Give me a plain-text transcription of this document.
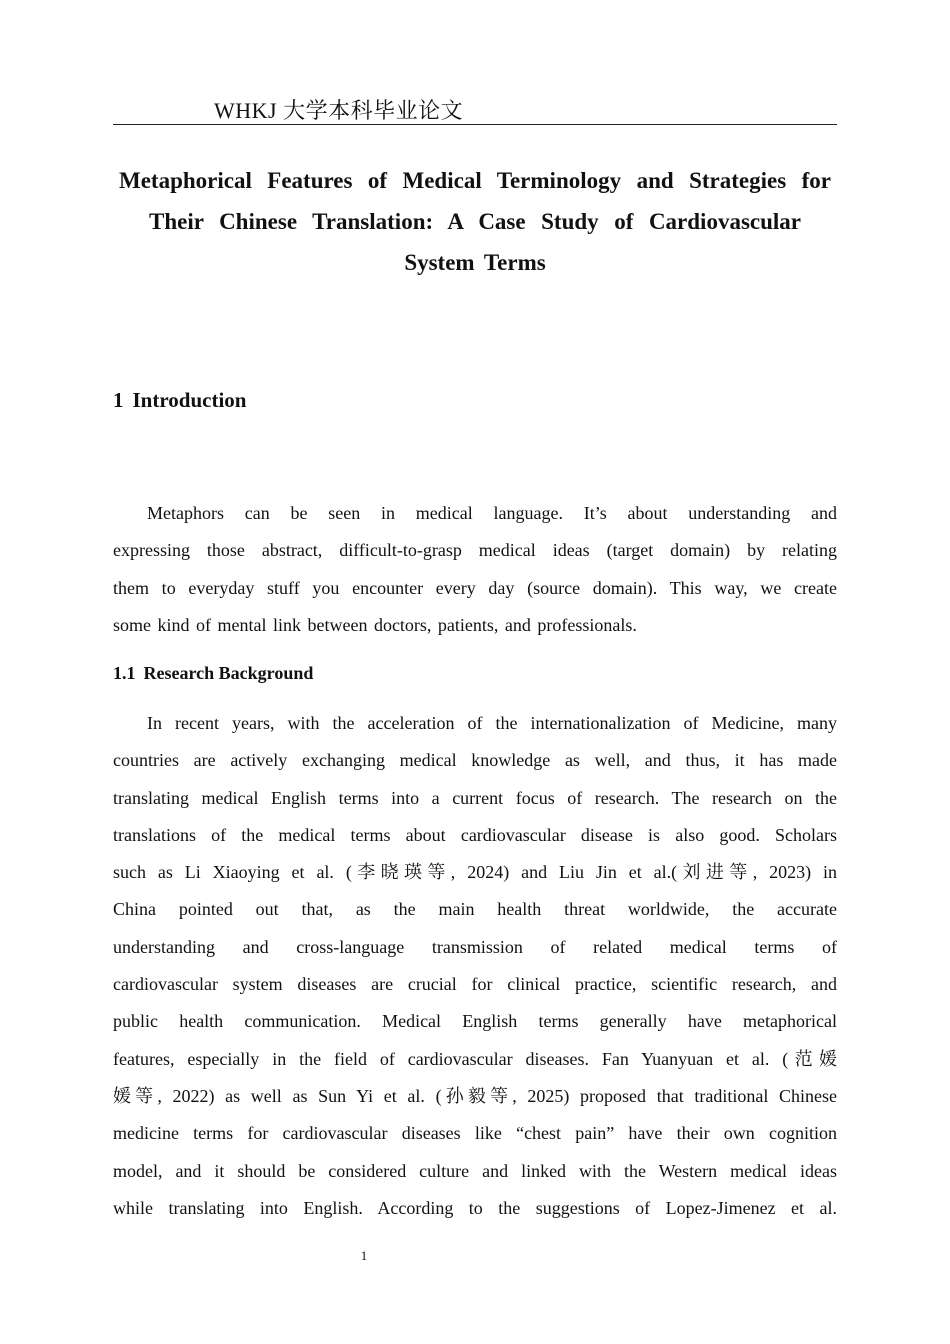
WHKJ 大学本科毕业论文
Metaphorical Features of Medical Terminology and Strategies for
Their Chinese Translation: A Case Study of Cardiovascular
System Terms
1 Introduction
Metaphors can be seen in medical language. It’s about understanding and
expressing those abstract, difficult-to-grasp medical ideas (target domain) by relating
them to everyday stuff you encounter every day (source domain). This way, we create
some kind of mental link between doctors, patients, and professionals.
1.1 Research Background
In recent years, with the acceleration of the internationalization of Medicine, many
countries are actively exchanging medical knowledge as well, and thus, it has made
translating medical English terms into a current focus of research. The research on the
translations of the medical terms about cardiovascular disease is also good. Scholars
such as Li Xiaoying et al. (李晓瑛等, 2024) and Liu Jin et al.(刘进等, 2023) in
China pointed out that, as the main health threat worldwide, the accurate
understanding and cross-language transmission of related medical terms of
cardiovascular system diseases are crucial for clinical practice, scientific research, and
public health communication. Medical English terms generally have metaphorical
features, especially in the field of cardiovascular diseases. Fan Yuanyuan et al. (范媛
媛等, 2022) as well as Sun Yi et al. (孙毅等, 2025) proposed that traditional Chinese
medicine terms for cardiovascular diseases like “chest pain” have their own cognition
model, and it should be considered culture and linked with the Western medical ideas
while translating into English. According to the suggestions of Lopez-Jimenez et al.
1
